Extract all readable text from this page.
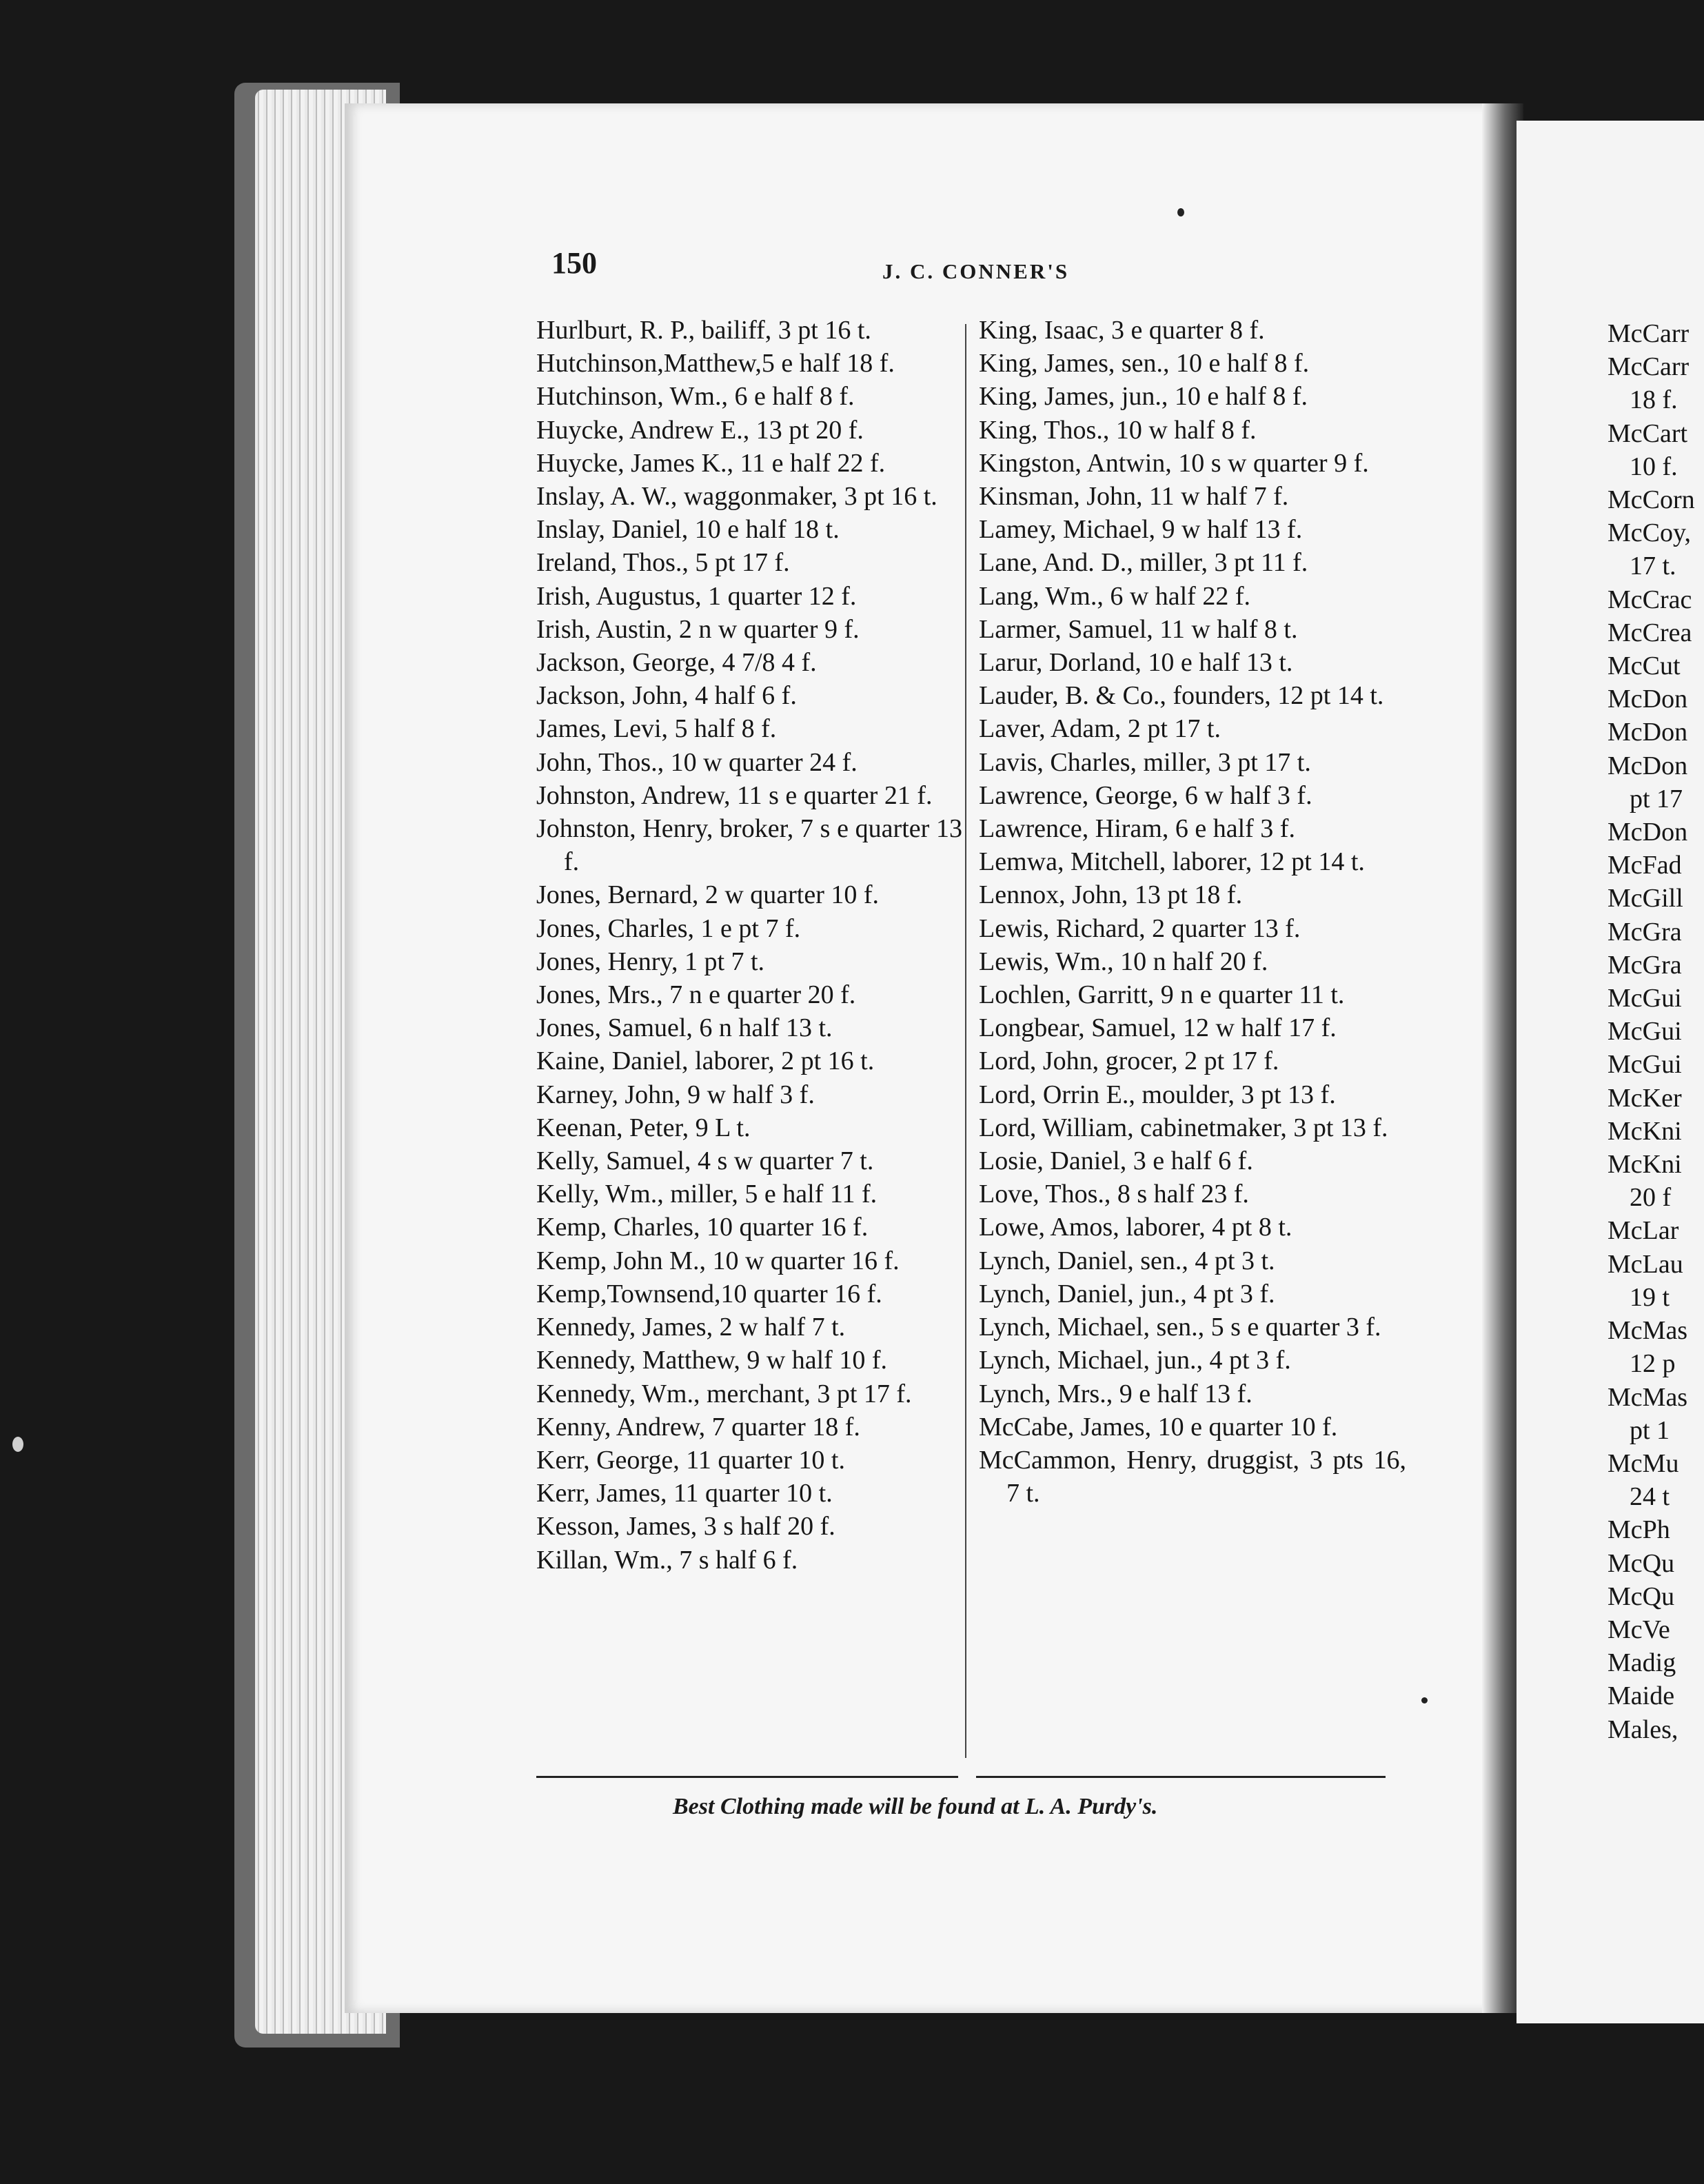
150	J. C. CONNER'S
Hurlburt, R. P., bailiff, 3 pt 16 t.
Hutchinson,Matthew,5 e half 18 f.
Hutchinson, Wm., 6 e half 8 f.
Huycke, Andrew E., 13 pt 20 f.
Huycke, James K., 11 e half 22 f.
Inslay, A. W., waggonmaker, 3 pt 16 t.
Inslay, Daniel, 10 e half 18 t.
Ireland, Thos., 5 pt 17 f.
Irish, Augustus, 1 quarter 12 f.
Irish, Austin, 2 n w quarter 9 f.
Jackson, George, 4 7/8 4 f.
Jackson, John, 4 half 6 f.
James, Levi, 5 half 8 f.
John, Thos., 10 w quarter 24 f.
Johnston, Andrew, 11 s e quarter 21 f.
Johnston, Henry, broker, 7 s e quarter 13 f.
Jones, Bernard, 2 w quarter 10 f.
Jones, Charles, 1 e pt 7 f.
Jones, Henry, 1 pt 7 t.
Jones, Mrs., 7 n e quarter 20 f.
Jones, Samuel, 6 n half 13 t.
Kaine, Daniel, laborer, 2 pt 16 t.
Karney, John, 9 w half 3 f.
Keenan, Peter, 9 L t.
Kelly, Samuel, 4 s w quarter 7 t.
Kelly, Wm., miller, 5 e half 11 f.
Kemp, Charles, 10 quarter 16 f.
Kemp, John M., 10 w quarter 16 f.
Kemp,Townsend,10 quarter 16 f.
Kennedy, James, 2 w half 7 t.
Kennedy, Matthew, 9 w half 10 f.
Kennedy, Wm., merchant, 3 pt 17 f.
Kenny, Andrew, 7 quarter 18 f.
Kerr, George, 11 quarter 10 t.
Kerr, James, 11 quarter 10 t.
Kesson, James, 3 s half 20 f.
Killan, Wm., 7 s half 6 f.
King, Isaac, 3 e quarter 8 f.
King, James, sen., 10 e half 8 f.
King, James, jun., 10 e half 8 f.
King, Thos., 10 w half 8 f.
Kingston, Antwin, 10 s w quarter 9 f.
Kinsman, John, 11 w half 7 f.
Lamey, Michael, 9 w half 13 f.
Lane, And. D., miller, 3 pt 11 f.
Lang, Wm., 6 w half 22 f.
Larmer, Samuel, 11 w half 8 t.
Larur, Dorland, 10 e half 13 t.
Lauder, B. & Co., founders, 12 pt 14 t.
Laver, Adam, 2 pt 17 t.
Lavis, Charles, miller, 3 pt 17 t.
Lawrence, George, 6 w half 3 f.
Lawrence, Hiram, 6 e half 3 f.
Lemwa, Mitchell, laborer, 12 pt 14 t.
Lennox, John, 13 pt 18 f.
Lewis, Richard, 2 quarter 13 f.
Lewis, Wm., 10 n half 20 f.
Lochlen, Garritt, 9 n e quarter 11 t.
Longbear, Samuel, 12 w half 17 f.
Lord, John, grocer, 2 pt 17 f.
Lord, Orrin E., moulder, 3 pt 13 f.
Lord, William, cabinetmaker, 3 pt 13 f.
Losie, Daniel, 3 e half 6 f.
Love, Thos., 8 s half 23 f.
Lowe, Amos, laborer, 4 pt 8 t.
Lynch, Daniel, sen., 4 pt 3 t.
Lynch, Daniel, jun., 4 pt 3 f.
Lynch, Michael, sen., 5 s e quarter 3 f.
Lynch, Michael, jun., 4 pt 3 f.
Lynch, Mrs., 9 e half 13 f.
McCabe, James, 10 e quarter 10 f.
McCammon, Henry, druggist, 3 pts 16, 7 t.
Best Clothing made will be found at L. A. Purdy's.
McCarr
McCarr
18 f.
McCart
10 f.
McCorn
McCoy,
17 t.
McCrac
McCrea
McCut
McDon
McDon
McDon
pt 17
McDon
McFad
McGill
McGra
McGra
McGui
McGui
McGui
McKer
McKni
McKni
20 f
McLar
McLau
19 t
McMas
12 p
McMas
pt 1
McMu
24 t
McPh
McQu
McQu
McVe
Madig
Maide
Males,
